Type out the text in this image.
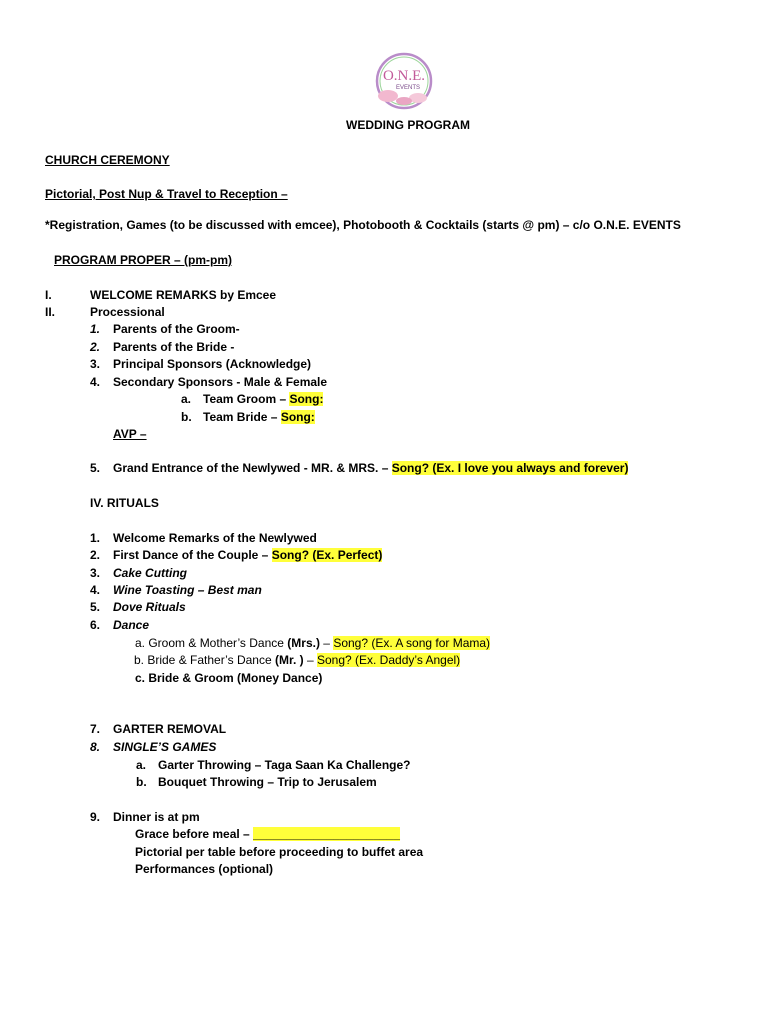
O.N.E.
EVENTS
WEDDING PROGRAM
CHURCH CEREMONY
Pictorial, Post Nup & Travel to Reception –
*Registration, Games (to be discussed with emcee), Photobooth & Cocktails (starts @ pm) – c/o O.N.E. EVENTS
PROGRAM PROPER – (pm-pm)
I.	WELCOME REMARKS by Emcee
II.	Processional
1. Parents of the Groom-
2. Parents of the Bride -
3. Principal Sponsors (Acknowledge)
4. Secondary Sponsors - Male & Female
a. Team Groom – Song:
b. Team Bride – Song:
AVP –
5. Grand Entrance of the Newlywed - MR. & MRS. – Song? (Ex. I love you always and forever)
IV. RITUALS
1. Welcome Remarks of the Newlywed
2. First Dance of the Couple – Song? (Ex. Perfect)
3. Cake Cutting
4. Wine Toasting – Best man
5. Dove Rituals
6. Dance
a. Groom & Mother’s Dance (Mrs.) – Song? (Ex. A song for Mama)
b. Bride & Father’s Dance (Mr. ) – Song? (Ex. Daddy’s Angel)
c. Bride & Groom (Money Dance)
7. GARTER REMOVAL
8. SINGLE’S GAMES
a. Garter Throwing – Taga Saan Ka Challenge?
b. Bouquet Throwing – Trip to Jerusalem
9. Dinner is at pm
Grace before meal – ______________________
Pictorial per table before proceeding to buffet area
Performances (optional)
